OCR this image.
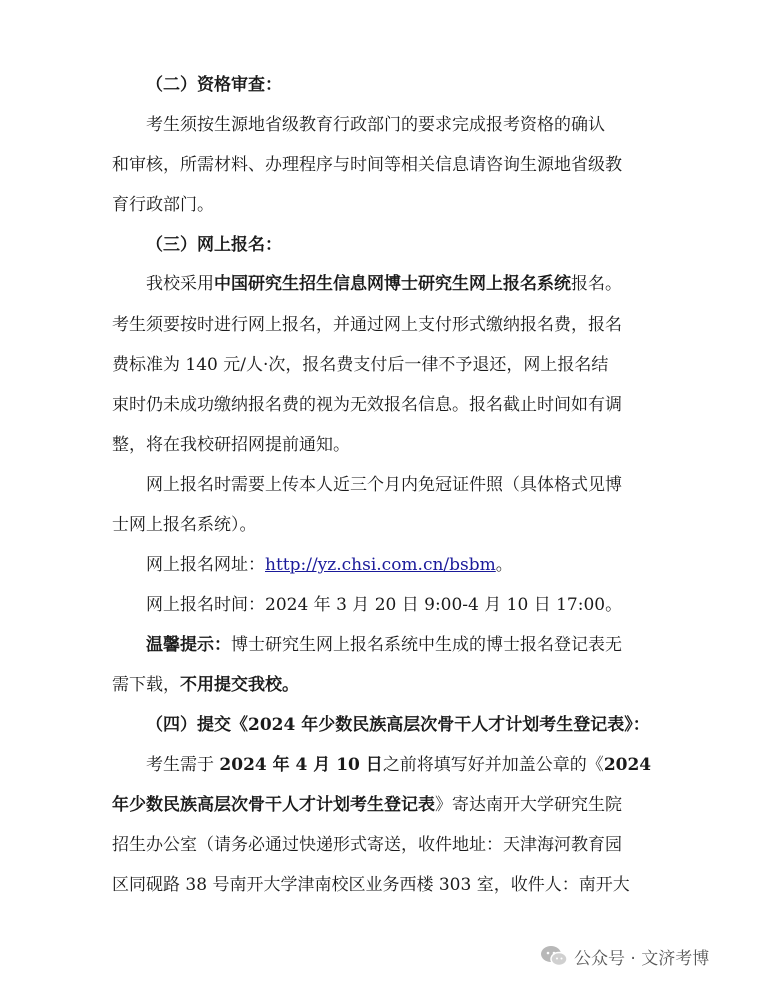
（二）资格审查：
考生须按生源地省级教育行政部门的要求完成报考资格的确认
和审核，所需材料、办理程序与时间等相关信息请咨询生源地省级教
育行政部门。
（三）网上报名：
我校采用中国研究生招生信息网博士研究生网上报名系统报名。
考生须要按时进行网上报名，并通过网上支付形式缴纳报名费，报名
费标准为 140 元/人·次，报名费支付后一律不予退还，网上报名结
束时仍未成功缴纳报名费的视为无效报名信息。报名截止时间如有调
整，将在我校研招网提前通知。
网上报名时需要上传本人近三个月内免冠证件照（具体格式见博
士网上报名系统）。
网上报名网址：http://yz.chsi.com.cn/bsbm。
网上报名时间：2024 年 3 月 20 日 9:00-4 月 10 日 17:00。
温馨提示：博士研究生网上报名系统中生成的博士报名登记表无
需下载，不用提交我校。
（四）提交《2024 年少数民族高层次骨干人才计划考生登记表》：
考生需于 2024 年 4 月 10 日之前将填写好并加盖公章的《2024
年少数民族高层次骨干人才计划考生登记表》寄达南开大学研究生院
招生办公室（请务必通过快递形式寄送，收件地址：天津海河教育园
区同砚路 38 号南开大学津南校区业务西楼 303 室，收件人：南开大
公众号 · 文济考博
